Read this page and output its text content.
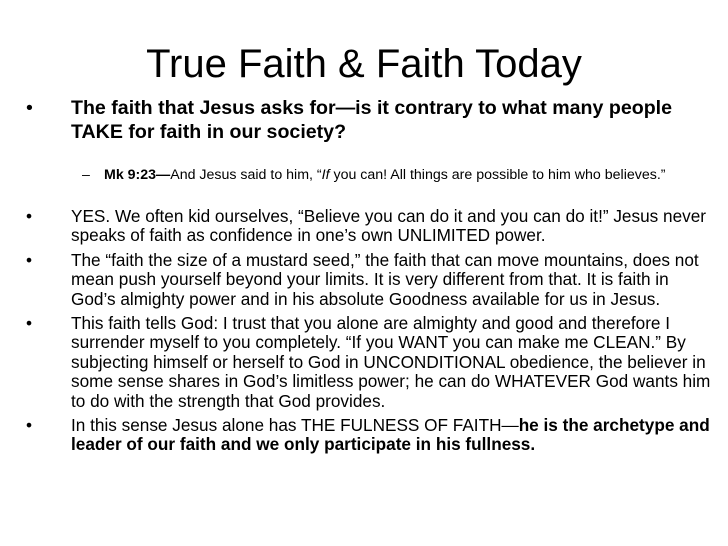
True Faith & Faith Today
• The faith that Jesus asks for—is it contrary to what many people TAKE for faith in our society?
– Mk 9:23—And Jesus said to him, “If you can! All things are possible to him who believes.”
• YES. We often kid ourselves, “Believe you can do it and you can do it!” Jesus never speaks of faith as confidence in one’s own UNLIMITED power.
• The “faith the size of a mustard seed,” the faith that can move mountains, does not mean push yourself beyond your limits. It is very different from that. It is faith in God’s almighty power and in his absolute Goodness available for us in Jesus.
• This faith tells God: I trust that you alone are almighty and good and therefore I surrender myself to you completely. “If you WANT you can make me CLEAN.” By subjecting himself or herself to God in UNCONDITIONAL obedience, the believer in some sense shares in God’s limitless power; he can do WHATEVER God wants him to do with the strength that God provides.
• In this sense Jesus alone has THE FULNESS OF FAITH—he is the archetype and leader of our faith and we only participate in his fullness.
